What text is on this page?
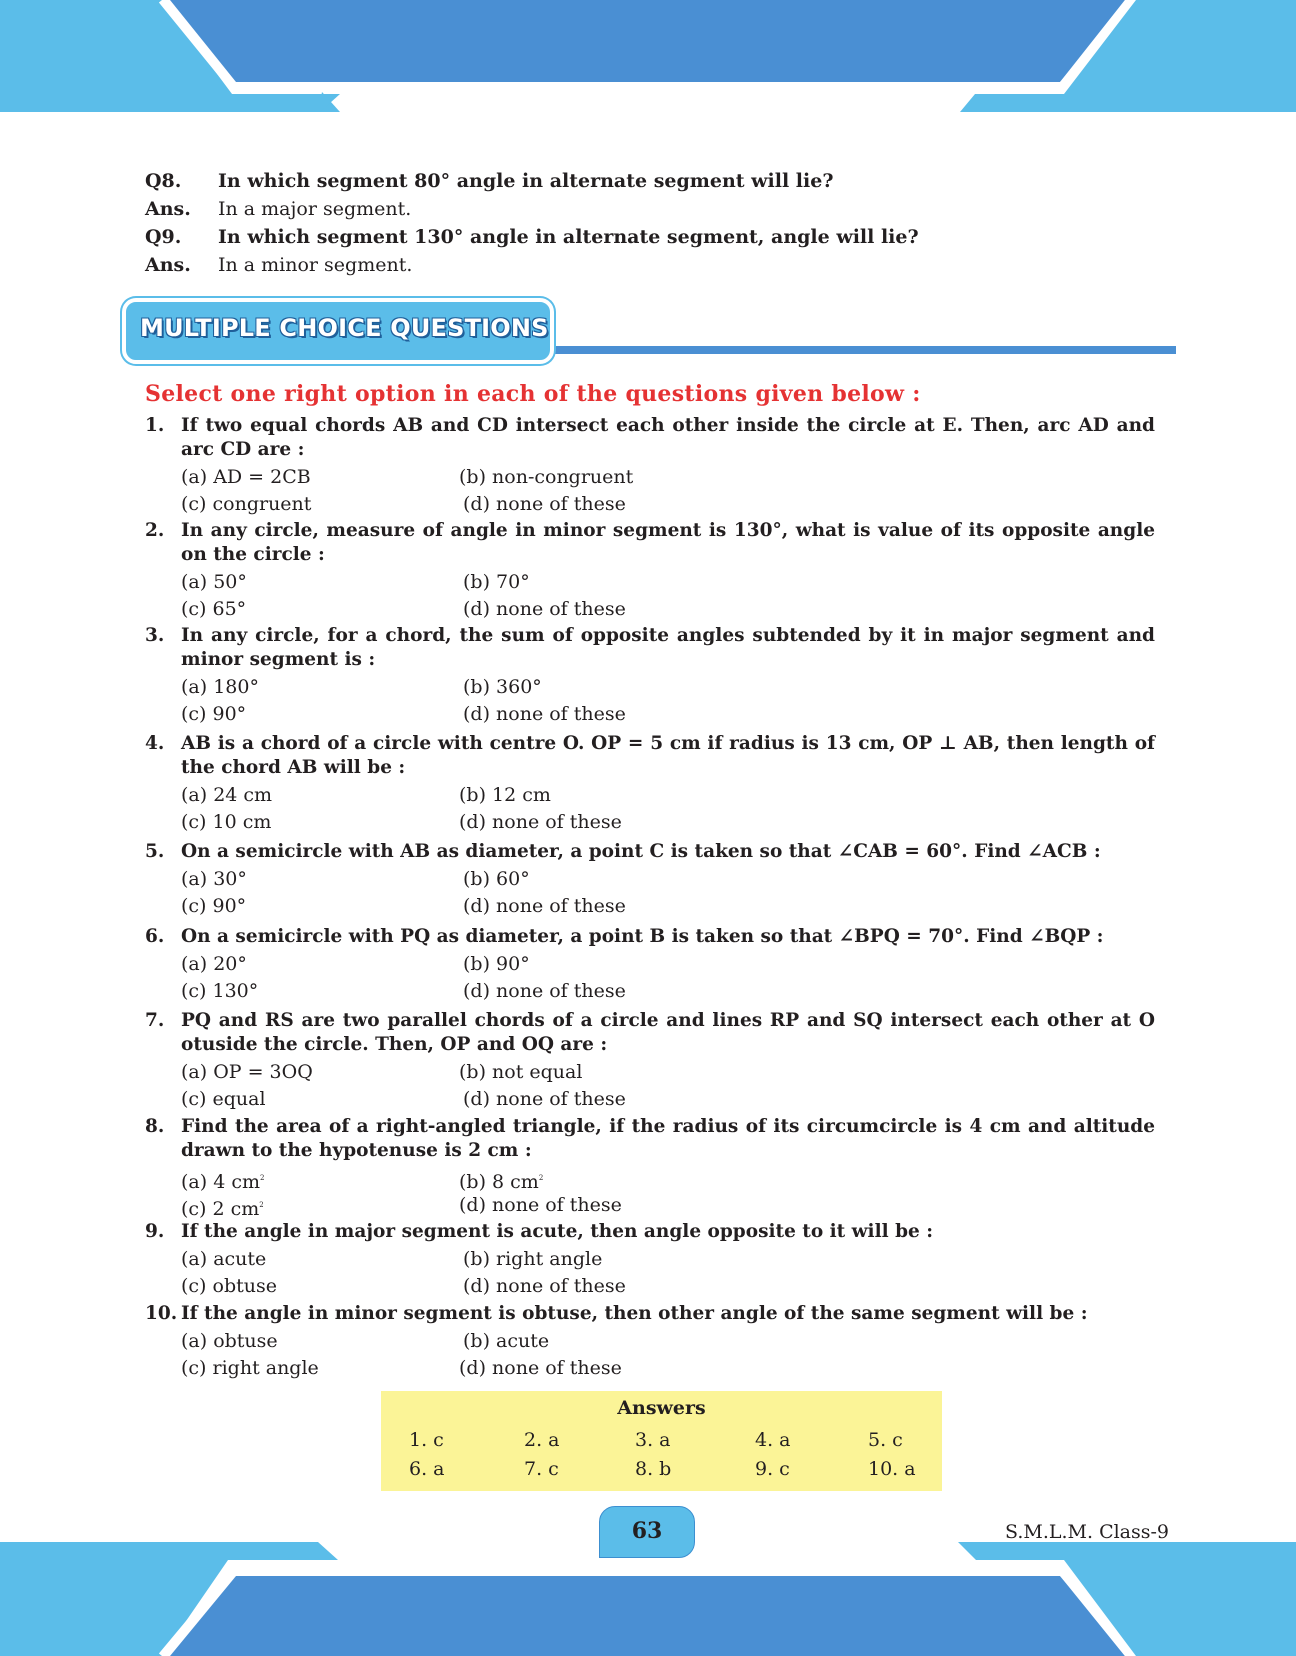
Q8. In which segment 80° angle in alternate segment will lie?
Ans. In a major segment.
Q9. In which segment 130° angle in alternate segment, angle will lie?
Ans. In a minor segment.
MULTIPLE CHOICE QUESTIONS
Select one right option in each of the questions given below :
1. If two equal chords AB and CD intersect each other inside the circle at E. Then, arc AD and arc CD are :
(a) AD = 2CB	(b) non-congruent
(c) congruent	(d) none of these
2. In any circle, measure of angle in minor segment is 130°, what is value of its opposite angle on the circle :
(a) 50°	(b) 70°
(c) 65°	(d) none of these
3. In any circle, for a chord, the sum of opposite angles subtended by it in major segment and minor segment is :
(a) 180°	(b) 360°
(c) 90°	(d) none of these
4. AB is a chord of a circle with centre O. OP = 5 cm if radius is 13 cm, OP ⊥ AB, then length of the chord AB will be :
(a) 24 cm	(b) 12 cm
(c) 10 cm	(d) none of these
5. On a semicircle with AB as diameter, a point C is taken so that ∠CAB = 60°. Find ∠ACB :
(a) 30°	(b) 60°
(c) 90°	(d) none of these
6. On a semicircle with PQ as diameter, a point B is taken so that ∠BPQ = 70°. Find ∠BQP :
(a) 20°	(b) 90°
(c) 130°	(d) none of these
7. PQ and RS are two parallel chords of a circle and lines RP and SQ intersect each other at O otuside the circle. Then, OP and OQ are :
(a) OP = 3OQ	(b) not equal
(c) equal	(d) none of these
8. Find the area of a right-angled triangle, if the radius of its circumcircle is 4 cm and altitude drawn to the hypotenuse is 2 cm :
(a) 4 $cm^2$	(b) 8 $cm^2$
(c) 2 $cm^2$	(d) none of these
9. If the angle in major segment is acute, then angle opposite to it will be :
(a) acute	(b) right angle
(c) obtuse	(d) none of these
10. If the angle in minor segment is obtuse, then other angle of the same segment will be :
(a) obtuse	(b) acute
(c) right angle	(d) none of these
Answers
1. c	2. a	3. a	4. a	5. c
6. a	7. c	8. b	9. c	10. a
63	S.M.L.M. Class-9
